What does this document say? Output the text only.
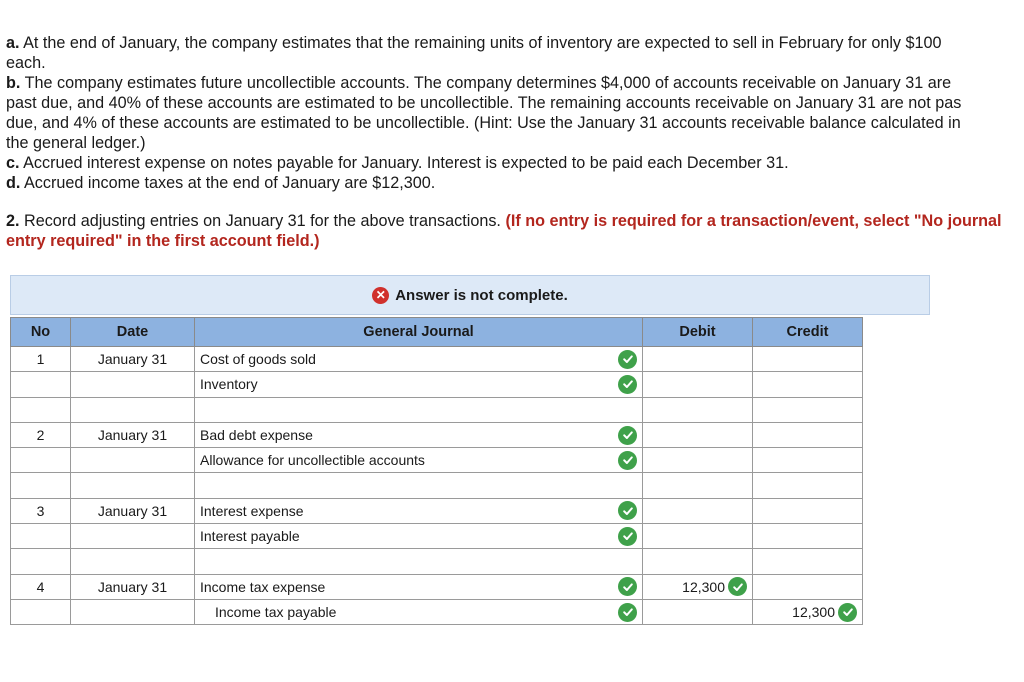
a. At the end of January, the company estimates that the remaining units of inventory are expected to sell in February for only $100

each.

b. The company estimates future uncollectible accounts. The company determines $4,000 of accounts receivable on January 31 are

past due, and 40% of these accounts are estimated to be uncollectible. The remaining accounts receivable on January 31 are not pas

due, and 4% of these accounts are estimated to be uncollectible. (Hint: Use the January 31 accounts receivable balance calculated in

the general ledger.)

c. Accrued interest expense on notes payable for January. Interest is expected to be paid each December 31.

d. Accrued income taxes at the end of January are $12,300.

2. Record adjusting entries on January 31 for the above transactions. (If no entry is required for a transaction/event, select "No journal entry required" in the first account field.)
✕ Answer is not complete.
No	Date	General Journal	Debit	Credit
1	January 31	Cost of goods sold		

		Inventory		

2	January 31	Bad debt expense		

		Allowance for uncollectible accounts		

3	January 31	Interest expense		

		Interest payable		

4	January 31	Income tax expense	12,300	

		Income tax payable		12,300
